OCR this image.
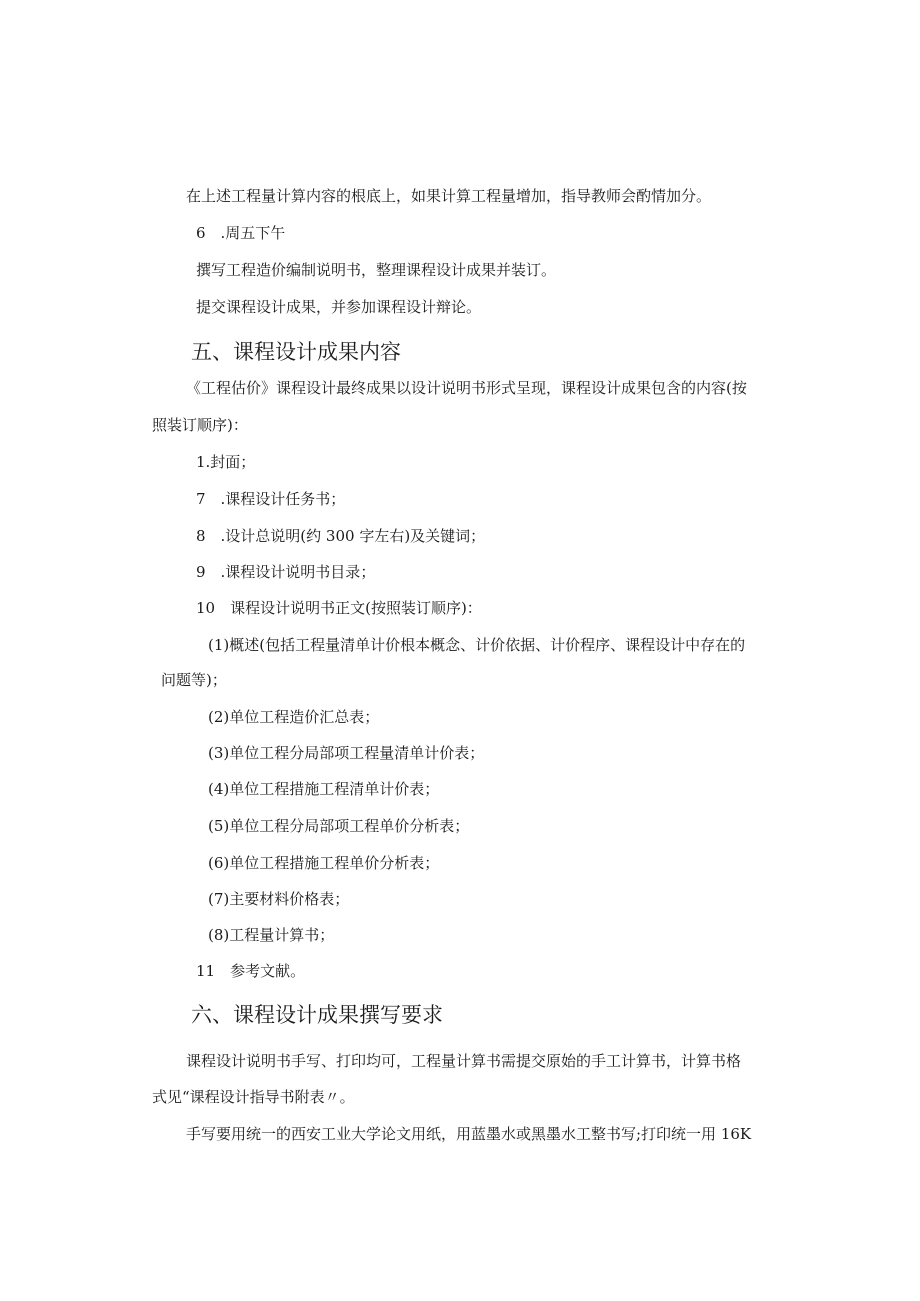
在上述工程量计算内容的根底上，如果计算工程量增加，指导教师会酌情加分。
6　.周五下午
撰写工程造价编制说明书，整理课程设计成果并装订。
提交课程设计成果，并参加课程设计辩论。
五、课程设计成果内容
《工程估价》课程设计最终成果以设计说明书形式呈现，课程设计成果包含的内容(按
照装订顺序)：
1.封面；
7　.课程设计任务书；
8　.设计总说明(约 300 字左右)及关键词；
9　.课程设计说明书目录；
10　课程设计说明书正文(按照装订顺序)：
(1)概述(包括工程量清单计价根本概念、计价依据、计价程序、课程设计中存在的
问题等)；
(2)单位工程造价汇总表；
(3)单位工程分局部项工程量清单计价表；
(4)单位工程措施工程清单计价表；
(5)单位工程分局部项工程单价分析表；
(6)单位工程措施工程单价分析表；
(7)主要材料价格表；
(8)工程量计算书；
11　参考文献。
六、课程设计成果撰写要求
课程设计说明书手写、打印均可，工程量计算书需提交原始的手工计算书，计算书格
式见“课程设计指导书附表〃。
手写要用统一的西安工业大学论文用纸，用蓝墨水或黑墨水工整书写;打印统一用 16K
